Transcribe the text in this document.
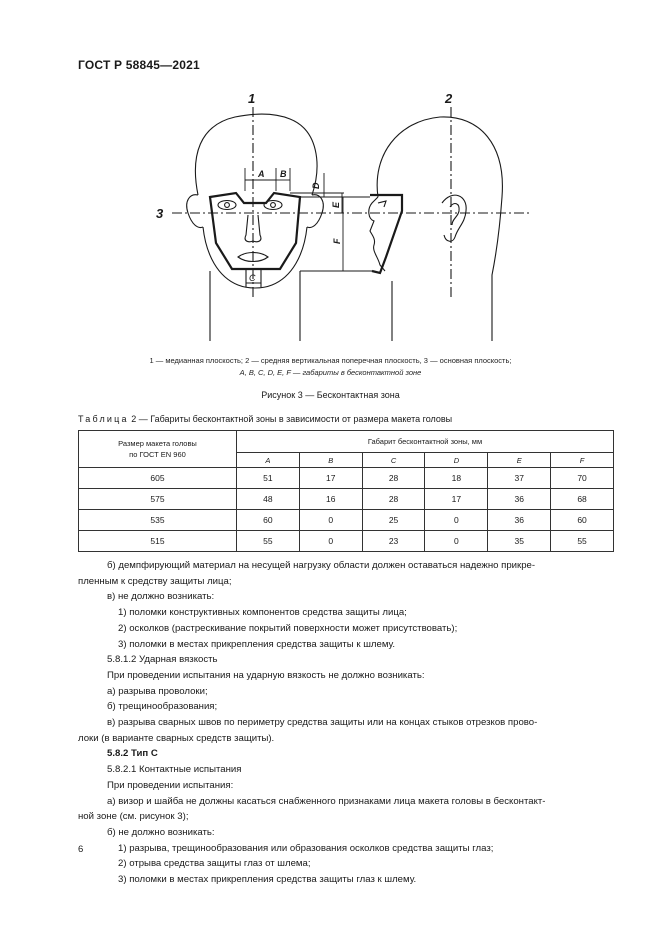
ГОСТ Р 58845—2021
1	2
3
C
A B
D
E
F
1 — медианная плоскость; 2 — средняя вертикальная поперечная плоскость, 3 — основная плоскость;
A, B, C, D, E, F — габариты в бесконтактной зоне
Рисунок 3 — Бесконтактная зона
Таблица 2 — Габариты бесконтактной зоны в зависимости от размера макета головы
Размер макета головы
по ГОСТ EN 960	Габарит бесконтактной зоны, мм					
	A	B	C	D	E	F
605	51	17	28	18	37	70
575	48	16	28	17	36	68
535	60	0	25	0	36	60
515	55	0	23	0	35	55

б) демпфирующий материал на несущей нагрузку области должен оставаться надежно прикре-

пленным к средству защиты лица;

в) не должно возникать:

1) поломки конструктивных компонентов средства защиты лица;

2) осколков (растрескивание покрытий поверхности может присутствовать);

3) поломки в местах прикрепления средства защиты к шлему.

5.8.1.2 Ударная вязкость

При проведении испытания на ударную вязкость не должно возникать:

а) разрыва проволоки;

б) трещинообразования;

в) разрыва сварных швов по периметру средства защиты или на концах стыков отрезков прово-

локи (в варианте сварных средств защиты).

5.8.2 Тип С

5.8.2.1 Контактные испытания

При проведении испытания:

а) визор и шайба не должны касаться снабженного признаками лица макета головы в бесконтакт-

ной зоне (см. рисунок 3);

б) не должно возникать:

1) разрыва, трещинообразования или образования осколков средства защиты глаз;

2) отрыва средства защиты глаз от шлема;

3) поломки в местах прикрепления средства защиты глаз к шлему.

6
